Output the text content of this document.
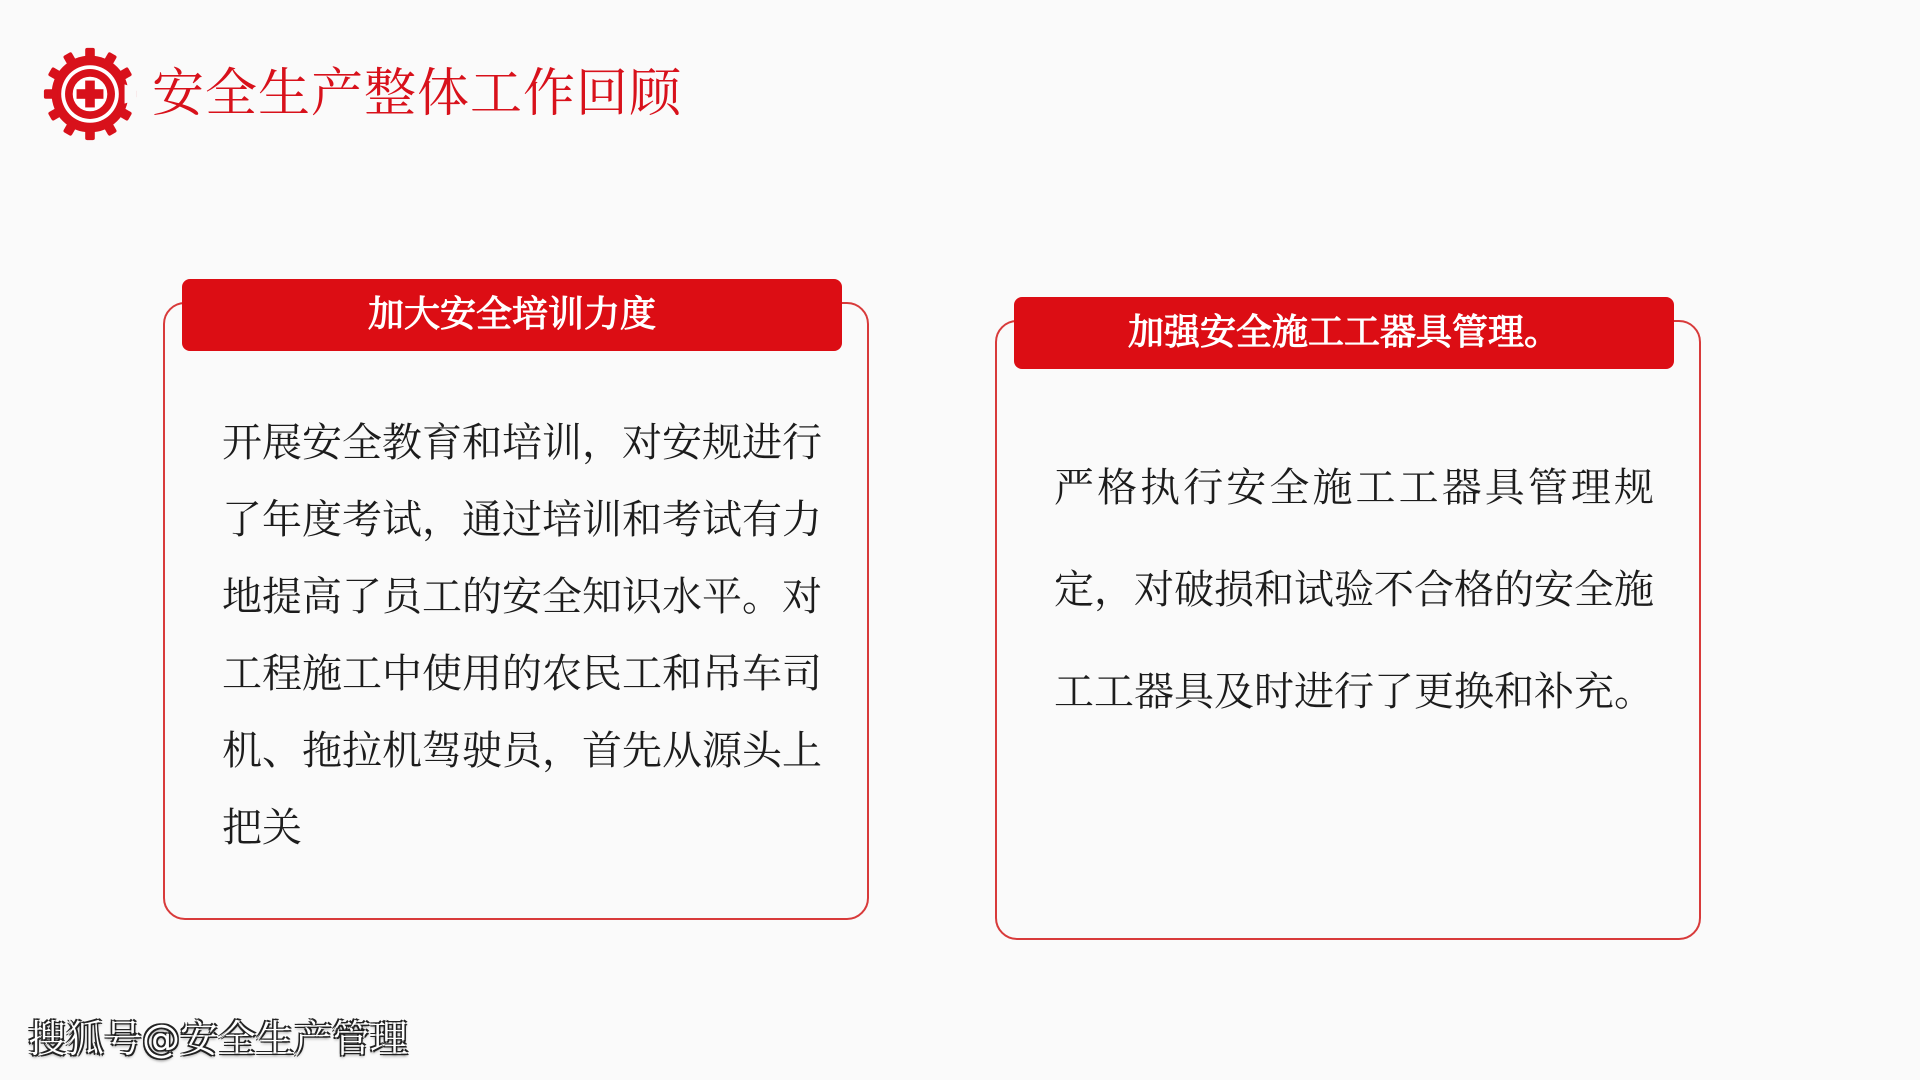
安全生产整体工作回顾
加大安全培训力度
开展安全教育和培训，对安规进行了年度考试，通过培训和考试有力地提高了员工的安全知识水平。对工程施工中使用的农民工和吊车司机、拖拉机驾驶员，首先从源头上把关
加强安全施工工器具管理。
严格执行安全施工工器具管理规定，对破损和试验不合格的安全施工工器具及时进行了更换和补充。
搜狐号@安全生产管理
